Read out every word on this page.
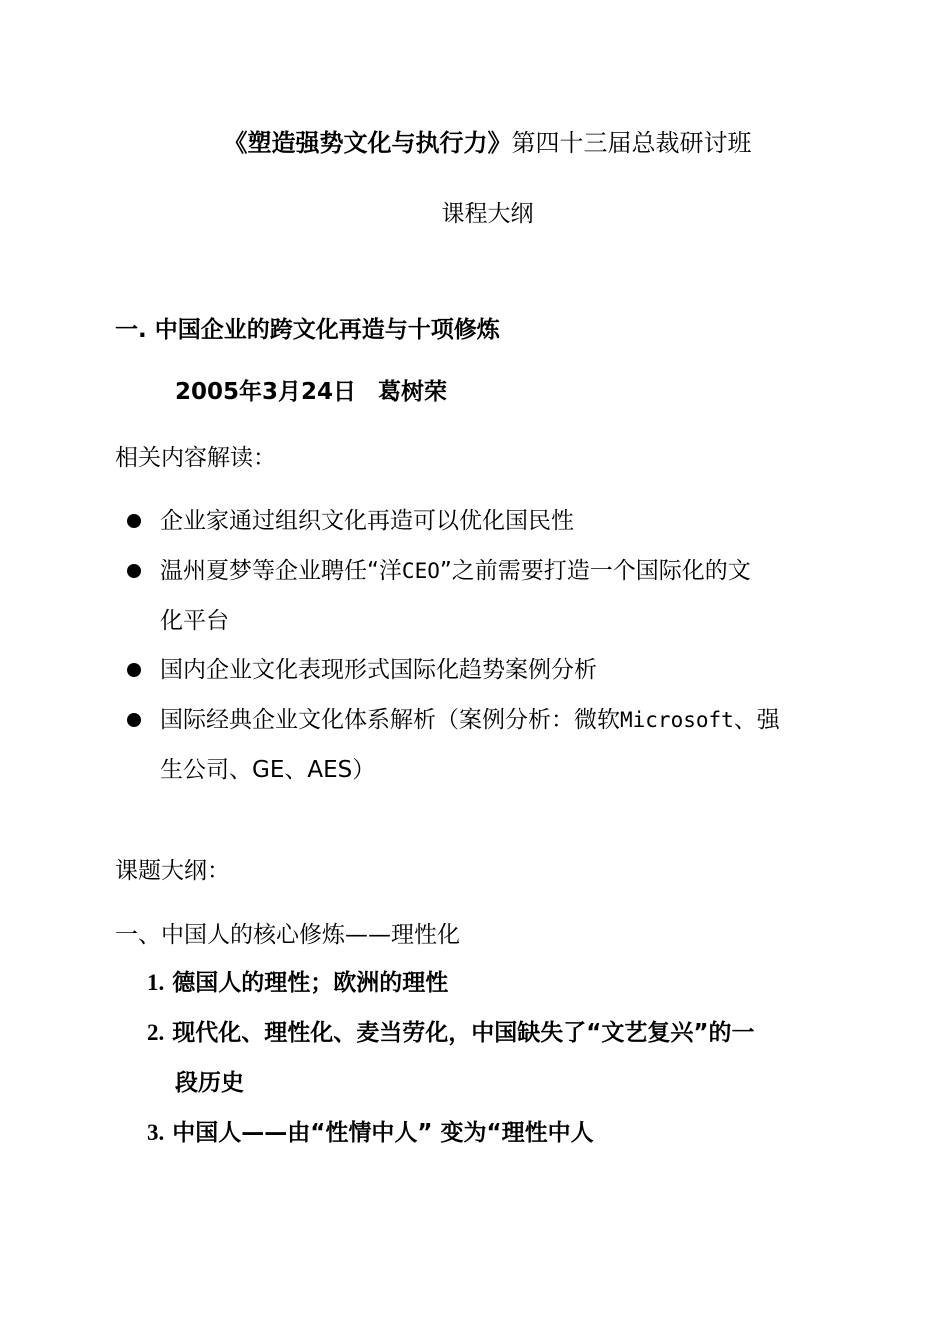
《塑造强势文化与执行力》第四十三届总裁研讨班
课程大纲
一. 中国企业的跨文化再造与十项修炼
2005年3月24日 葛树荣
相关内容解读：
企业家通过组织文化再造可以优化国民性
温州夏梦等企业聘任“洋CEO”之前需要打造一个国际化的文
化平台
国内企业文化表现形式国际化趋势案例分析
国际经典企业文化体系解析（案例分析：微软Microsoft、强
生公司、GE、AES）
课题大纲：
一、中国人的核心修炼——理性化
1. 德国人的理性；欧洲的理性
2. 现代化、理性化、麦当劳化，中国缺失了“文艺复兴”的一
段历史
3. 中国人——由“性情中人” 变为“理性中人
